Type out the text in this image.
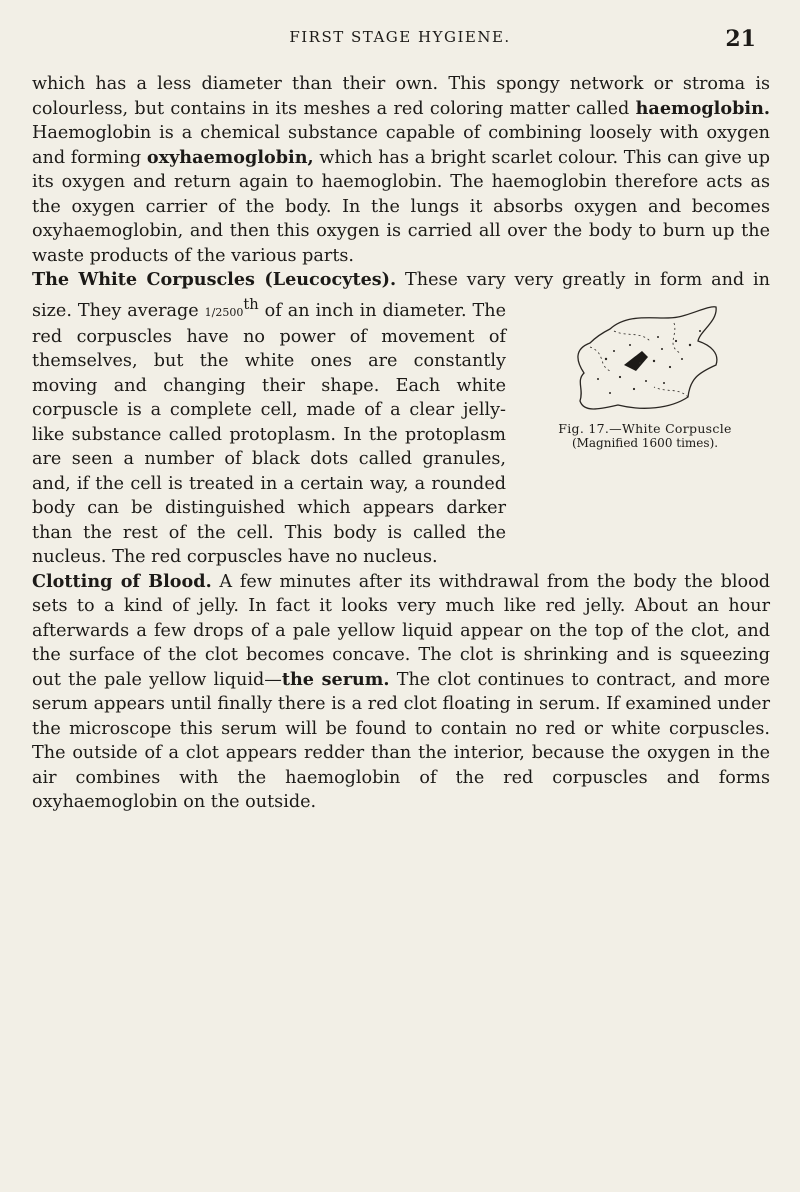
FIRST STAGE HYGIENE.	21

which has a less diameter than their own. This spongy network or stroma is colourless, but contains in its meshes a red coloring matter called haemoglobin. Haemoglobin is a chemical substance capable of combining loosely with oxygen and forming oxyhaemoglobin, which has a bright scarlet colour. This can give up its oxygen and return again to haemoglobin. The haemoglobin therefore acts as the oxygen carrier of the body. In the lungs it absorbs oxygen and becomes oxyhaemoglobin, and then this oxygen is carried all over the body to burn up the waste products of the various parts.

The White Corpuscles (Leucocytes). These vary very greatly in form and in size. They average 1/2500th
Fig. 17.—White Corpuscle
(Magnified 1600 times).
of an inch in diameter. The red corpuscles have no power of movement of themselves, but the white ones are constantly moving and changing their shape. Each white corpuscle is a complete cell, made of a clear jelly-like substance called protoplasm. In the protoplasm are seen a number of black dots called granules, and, if the cell is treated in a certain way, a rounded body can be distinguished which appears darker than the rest of the cell. This body is called the nucleus. The red corpuscles have no nucleus.

Clotting of Blood. A few minutes after its withdrawal from the body the blood sets to a kind of jelly. In fact it looks very much like red jelly. About an hour afterwards a few drops of a pale yellow liquid appear on the top of the clot, and the surface of the clot becomes concave. The clot is shrinking and is squeezing out the pale yellow liquid—the serum. The clot continues to contract, and more serum appears until finally there is a red clot floating in serum. If examined under the microscope this serum will be found to contain no red or white corpuscles. The outside of a clot appears redder than the interior, because the oxygen in the air combines with the haemoglobin of the red corpuscles and forms oxyhaemoglobin on the outside.
